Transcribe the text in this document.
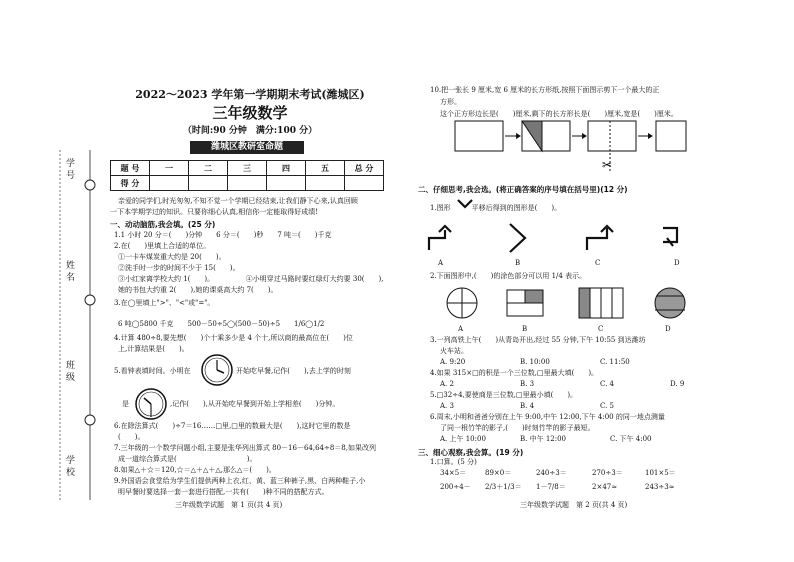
学 号
姓 名
班 级
学 校
2022～2023 学年第一学期期末考试(潍城区)
三年级数学
（时间:90 分钟　满分:100 分）
潍城区教研室命题
题 号	一	二	三	四	五	总 分
得 分						
亲爱的同学们,时光匆匆,不知不觉一个学期已经结束,让我们静下心来,认真回顾
一下本学期学过的知识。只要你细心认真,相信你一定能取得好成绩!
一、动动脑筋,我会填。(25 分)
1.1 小时 20 分＝(　　)分钟　　6 分＝(　　)秒　　7 吨＝(　　)千克
2.在(　　)里填上合适的单位。
①一卡车煤炭重大约是 20(　　)。
②洗手时一步的时间不少于 15(　　)。
③小红家离学校大约 1(　　)。　　　　　④小明穿过马路时要红绿灯大约要 30(　　),
她的书包大约重 2(　　),她的课桌高大约 7(　　)。
3.在◯里填上">"、"<"或"="。
6 吨◯5800 千克　　500－50÷5◯(500－50)÷5　　1/6◯1/2
4.计算 480÷8,要先想(　　)个十乘多少是 4 个十,所以商的最高位在(　　)位
上,计算结果是(　　)。
5.看钟表填时间。小明在	开始吃早餐,记作(　　),去上学的时刻
是	,记作(　　),从开始吃早餐到开始上学相差(　　)分钟。
6.在除法算式(　　)÷7＝16……□里,□里的数最大是(　　),这时它里的数是
(　　)。
7.三年级的一个数学问题小组,主要是张华列出算式 80－16－64,64÷8＝8,如果改列
成一道综合算式是(　　　　　　　　　　)。
8.如果△＋☆＝120,☆＝△＋△＋△,那么△＝(　　)。
9.外国语会食堂给为学生们提供两种上衣,红、黄、蓝三种裤子,黑、白两种鞋子,小
明早餐时要选择一套一套进行搭配,一共有(　　)种不同的搭配方式。
三年级数学试题　第 1 页(共 4 页)
10.把一张长 9 厘米,宽 6 厘米的长方形纸,按照下面图示剪下一个最大的正
方形。
这个正方形边长是(　　)厘米,剩下的长方形长是(　　)厘米,宽是(　　)厘米。
✂
二、仔细思考,我会选。(将正确答案的序号填在括号里)(12 分)
1.图形　　　平移后得到的图形是(　　)。
A	B	C	D
2.下面图形中,(　　)的涂色部分可以用 1/4 表示。
A	B	C	D
3.一列高铁上午(　　)从青岛开出,经过 55 分钟,下午 10:55 到达潍坊
火车站。
A. 9:20	B. 10:00	C. 11:50
4.如果 315×□的积是一个三位数,□里最大填(　　)。
A. 2	B. 3	C. 4	D. 9
5.□32÷4,要使商是三位数,□里最小填(　　)。
A. 3	B. 4	C. 5
6.周末,小明和爸爸分别在上午 9:00,中午 12:00,下午 4:00 的同一地点测量
了同一根竹竿的影子,(　　)时刻竹竿的影子最短。
A. 上午 10:00	B. 中午 12:00	C. 下午 4:00
三、细心观察,我会算。(19 分)
1.口算。(5 分)
34×5＝	89×0＝	240÷3＝	270÷3＝	101×5＝
200÷4－ 2/3＋1/3＝ 1－7/8＝	2×47≈	243÷3≈
三年级数学试题　第 2 页(共 4 页)
